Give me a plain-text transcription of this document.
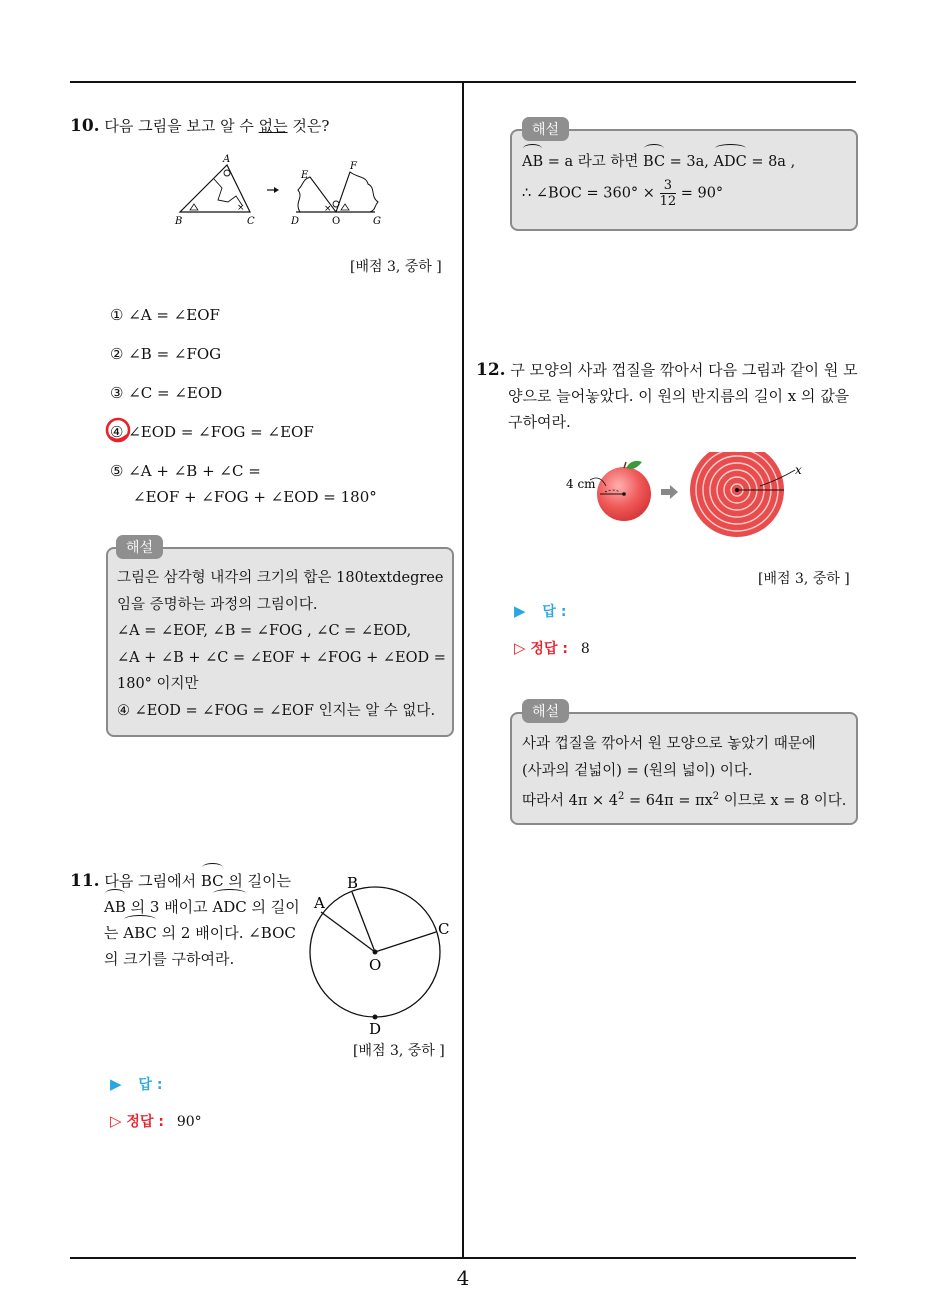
4
10. 다음 그림을 보고 알 수 없는 것은?
×
A
B	C
×
E
F
D	O	G
[배점 3, 중하 ]
① ∠A = ∠EOF
② ∠B = ∠FOG
③ ∠C = ∠EOD
④ ∠EOD = ∠FOG = ∠EOF
⑤ ∠A + ∠B + ∠C =
∠EOF + ∠FOG + ∠EOD = 180°
해설
그림은 삼각형 내각의 크기의 합은 180textdegree
임을 증명하는 과정의 그림이다.
∠A = ∠EOF, ∠B = ∠FOG , ∠C = ∠EOD,
∠A + ∠B + ∠C = ∠EOF + ∠FOG + ∠EOD =
180° 이지만
④ ∠EOD = ∠FOG = ∠EOF 인지는 알 수 없다.
11. 다음 그림에서 BC 의 길이는
AB 의 3 배이고 ADC 의 길이
는 ABC 의 2 배이다. ∠BOC
의 크기를 구하여라.
A
B
C
O
D
[배점 3, 중하 ]
▶ 답 :
▷ 정답 : 90°
해설
AB = a 라고 하면 BC = 3a, ADC = 8a ,
∴ ∠BOC = $360^\circ \times \frac{3}{12} = 90^\circ$
12. 구 모양의 사과 껍질을 깎아서 다음 그림과 같이 원 모
양으로 늘어놓았다. 이 원의 반지름의 길이 x 의 값을
구하여라.
4 cm
x
[배점 3, 중하 ]
▶ 답 :
▷ 정답 : 8
해설
사과 껍질을 깎아서 원 모양으로 놓았기 때문에
(사과의 겉넓이) = (원의 넓이) 이다.
따라서 $4\pi \times 4^2 = 64\pi = \pi x^2$ 이므로 x = 8 이다.
